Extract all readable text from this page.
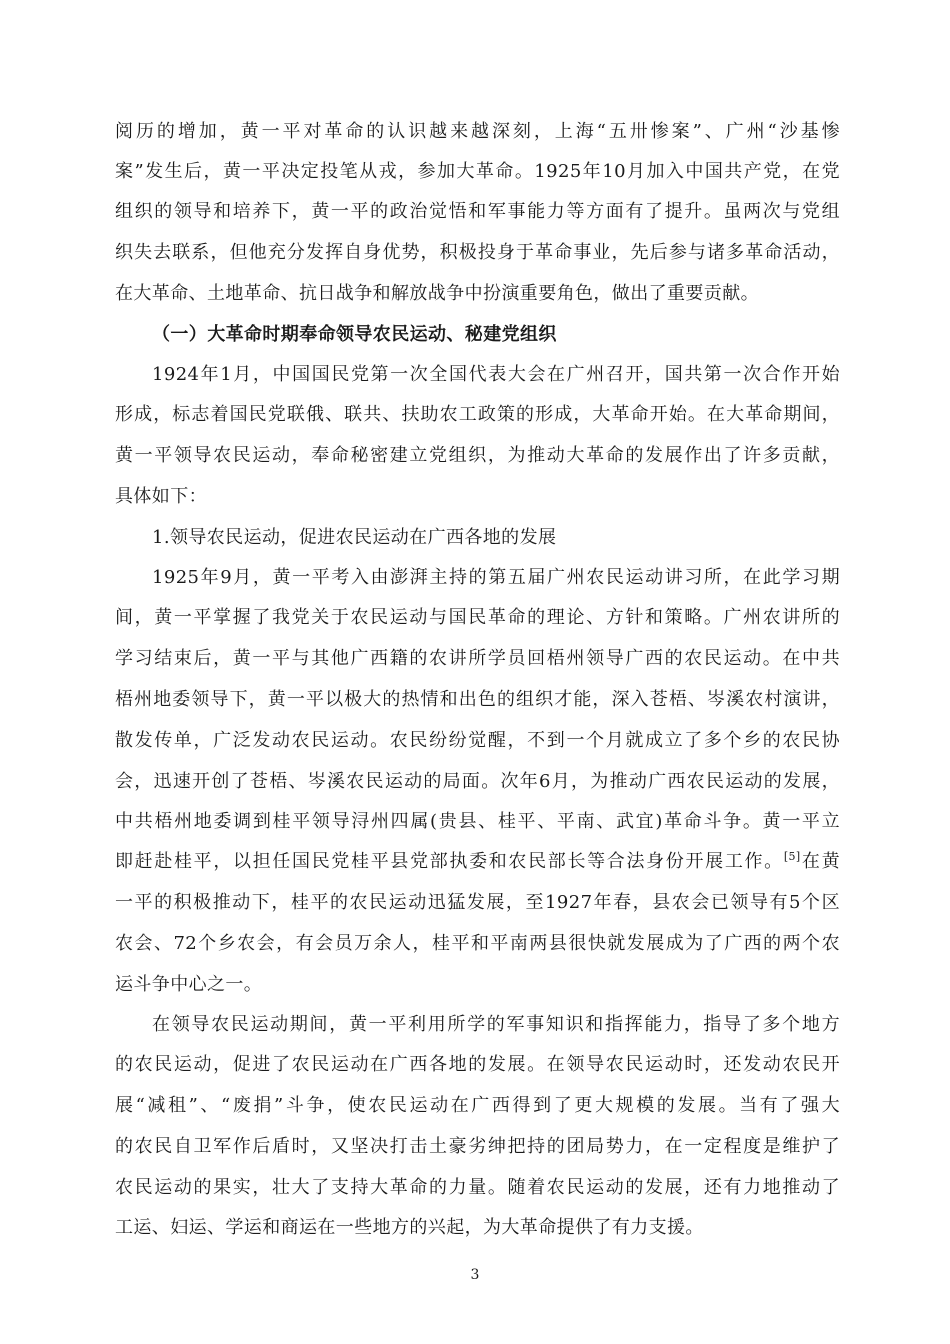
阅历的增加，黄一平对革命的认识越来越深刻，上海“五卅惨案”、广州“沙基惨
案”发生后，黄一平决定投笔从戎，参加大革命。1925年10月加入中国共产党，在党
组织的领导和培养下，黄一平的政治觉悟和军事能力等方面有了提升。虽两次与党组
织失去联系，但他充分发挥自身优势，积极投身于革命事业，先后参与诸多革命活动，
在大革命、土地革命、抗日战争和解放战争中扮演重要角色，做出了重要贡献。
（一）大革命时期奉命领导农民运动、秘建党组织
1924年1月，中国国民党第一次全国代表大会在广州召开，国共第一次合作开始
形成，标志着国民党联俄、联共、扶助农工政策的形成，大革命开始。在大革命期间，
黄一平领导农民运动，奉命秘密建立党组织，为推动大革命的发展作出了许多贡献，
具体如下：
1.领导农民运动，促进农民运动在广西各地的发展
1925年9月，黄一平考入由澎湃主持的第五届广州农民运动讲习所，在此学习期
间，黄一平掌握了我党关于农民运动与国民革命的理论、方针和策略。广州农讲所的
学习结束后，黄一平与其他广西籍的农讲所学员回梧州领导广西的农民运动。在中共
梧州地委领导下，黄一平以极大的热情和出色的组织才能，深入苍梧、岑溪农村演讲，
散发传单，广泛发动农民运动。农民纷纷觉醒，不到一个月就成立了多个乡的农民协
会，迅速开创了苍梧、岑溪农民运动的局面。次年6月，为推动广西农民运动的发展，
中共梧州地委调到桂平领导浔州四属(贵县、桂平、平南、武宜)革命斗争。黄一平立
即赶赴桂平，以担任国民党桂平县党部执委和农民部长等合法身份开展工作。[5]在黄
一平的积极推动下，桂平的农民运动迅猛发展，至1927年春，县农会已领导有5个区
农会、72个乡农会，有会员万余人，桂平和平南两县很快就发展成为了广西的两个农
运斗争中心之一。
在领导农民运动期间，黄一平利用所学的军事知识和指挥能力，指导了多个地方
的农民运动，促进了农民运动在广西各地的发展。在领导农民运动时，还发动农民开
展“减租”、“废捐”斗争，使农民运动在广西得到了更大规模的发展。当有了强大
的农民自卫军作后盾时，又坚决打击土豪劣绅把持的团局势力，在一定程度是维护了
农民运动的果实，壮大了支持大革命的力量。随着农民运动的发展，还有力地推动了
工运、妇运、学运和商运在一些地方的兴起，为大革命提供了有力支援。
3
